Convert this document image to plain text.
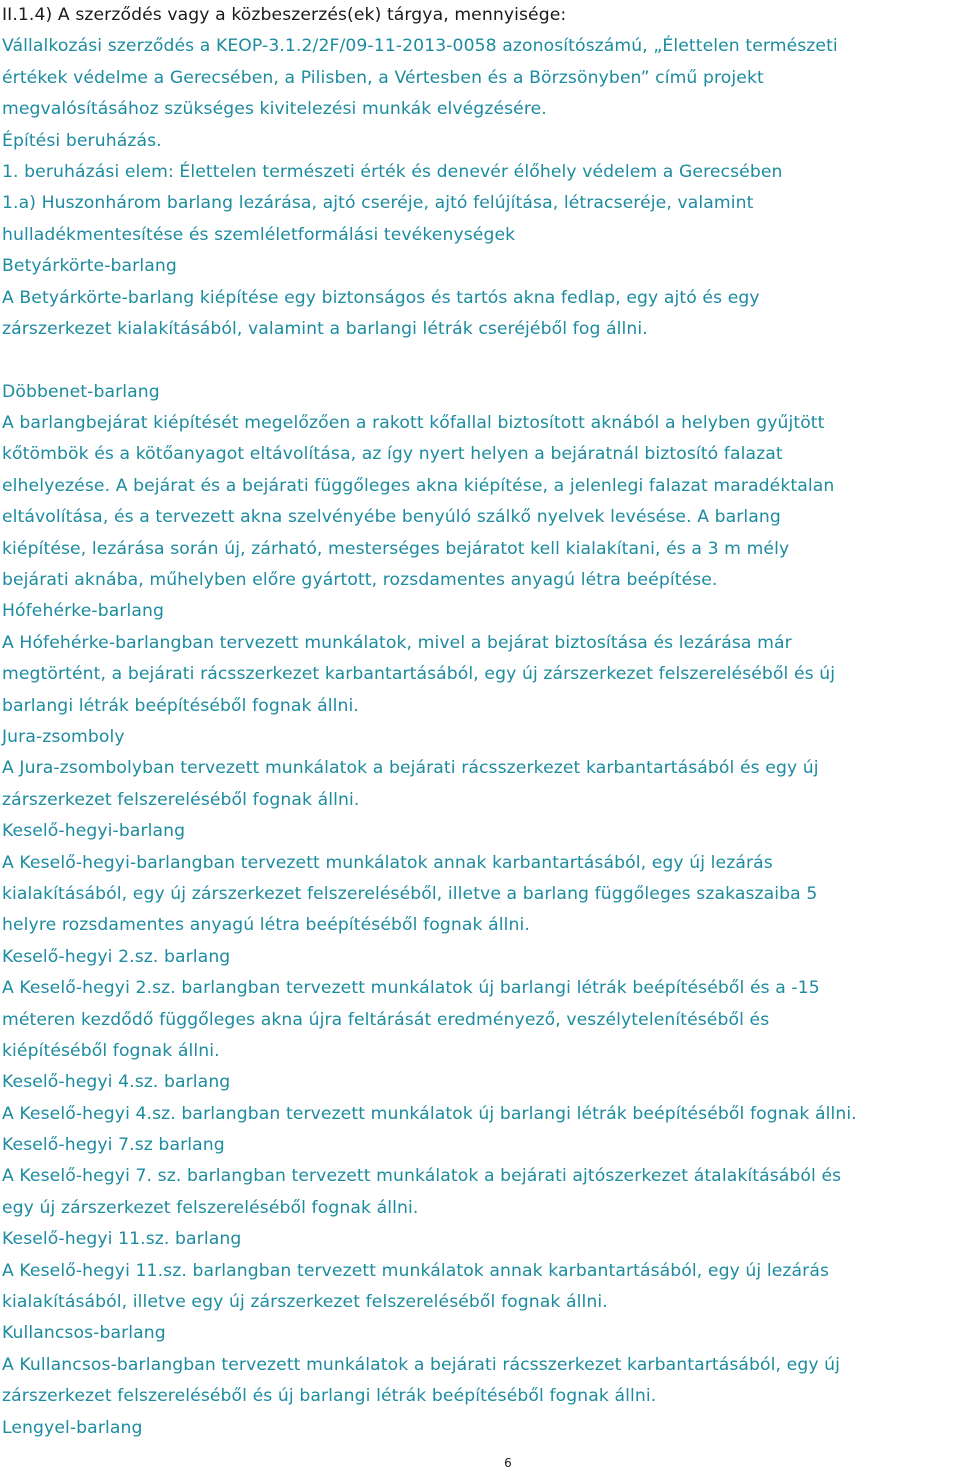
II.1.4) A szerződés vagy a közbeszerzés(ek) tárgya, mennyisége:
Vállalkozási szerződés a KEOP-3.1.2/2F/09-11-2013-0058 azonosítószámú, „Élettelen természeti
értékek védelme a Gerecsében, a Pilisben, a Vértesben és a Börzsönyben” című projekt
megvalósításához szükséges kivitelezési munkák elvégzésére.
Építési beruházás.
1. beruházási elem: Élettelen természeti érték és denevér élőhely védelem a Gerecsében
1.a) Huszonhárom barlang lezárása, ajtó cseréje, ajtó felújítása, létracseréje, valamint
hulladékmentesítése és szemléletformálási tevékenységek
Betyárkörte-barlang
A Betyárkörte-barlang kiépítése egy biztonságos és tartós akna fedlap, egy ajtó és egy
zárszerkezet kialakításából, valamint a barlangi létrák cseréjéből fog állni.
Döbbenet-barlang
A barlangbejárat kiépítését megelőzően a rakott kőfallal biztosított aknából a helyben gyűjtött
kőtömbök és a kötőanyagot eltávolítása, az így nyert helyen a bejáratnál biztosító falazat
elhelyezése. A bejárat és a bejárati függőleges akna kiépítése, a jelenlegi falazat maradéktalan
eltávolítása, és a tervezett akna szelvényébe benyúló szálkő nyelvek levésése. A barlang
kiépítése, lezárása során új, zárható, mesterséges bejáratot kell kialakítani, és a 3 m mély
bejárati aknába, műhelyben előre gyártott, rozsdamentes anyagú létra beépítése.
Hófehérke-barlang
A Hófehérke-barlangban tervezett munkálatok, mivel a bejárat biztosítása és lezárása már
megtörtént, a bejárati rácsszerkezet karbantartásából, egy új zárszerkezet felszereléséből és új
barlangi létrák beépítéséből fognak állni.
Jura-zsomboly
A Jura-zsombolyban tervezett munkálatok a bejárati rácsszerkezet karbantartásából és egy új
zárszerkezet felszereléséből fognak állni.
Keselő-hegyi-barlang
A Keselő-hegyi-barlangban tervezett munkálatok annak karbantartásából, egy új lezárás
kialakításából, egy új zárszerkezet felszereléséből, illetve a barlang függőleges szakaszaiba 5
helyre rozsdamentes anyagú létra beépítéséből fognak állni.
Keselő-hegyi 2.sz. barlang
A Keselő-hegyi 2.sz. barlangban tervezett munkálatok új barlangi létrák beépítéséből és a -15
méteren kezdődő függőleges akna újra feltárását eredményező, veszélytelenítéséből és
kiépítéséből fognak állni.
Keselő-hegyi 4.sz. barlang
A Keselő-hegyi 4.sz. barlangban tervezett munkálatok új barlangi létrák beépítéséből fognak állni.
Keselő-hegyi 7.sz barlang
A Keselő-hegyi 7. sz. barlangban tervezett munkálatok a bejárati ajtószerkezet átalakításából és
egy új zárszerkezet felszereléséből fognak állni.
Keselő-hegyi 11.sz. barlang
A Keselő-hegyi 11.sz. barlangban tervezett munkálatok annak karbantartásából, egy új lezárás
kialakításából, illetve egy új zárszerkezet felszereléséből fognak állni.
Kullancsos-barlang
A Kullancsos-barlangban tervezett munkálatok a bejárati rácsszerkezet karbantartásából, egy új
zárszerkezet felszereléséből és új barlangi létrák beépítéséből fognak állni.
Lengyel-barlang
6
